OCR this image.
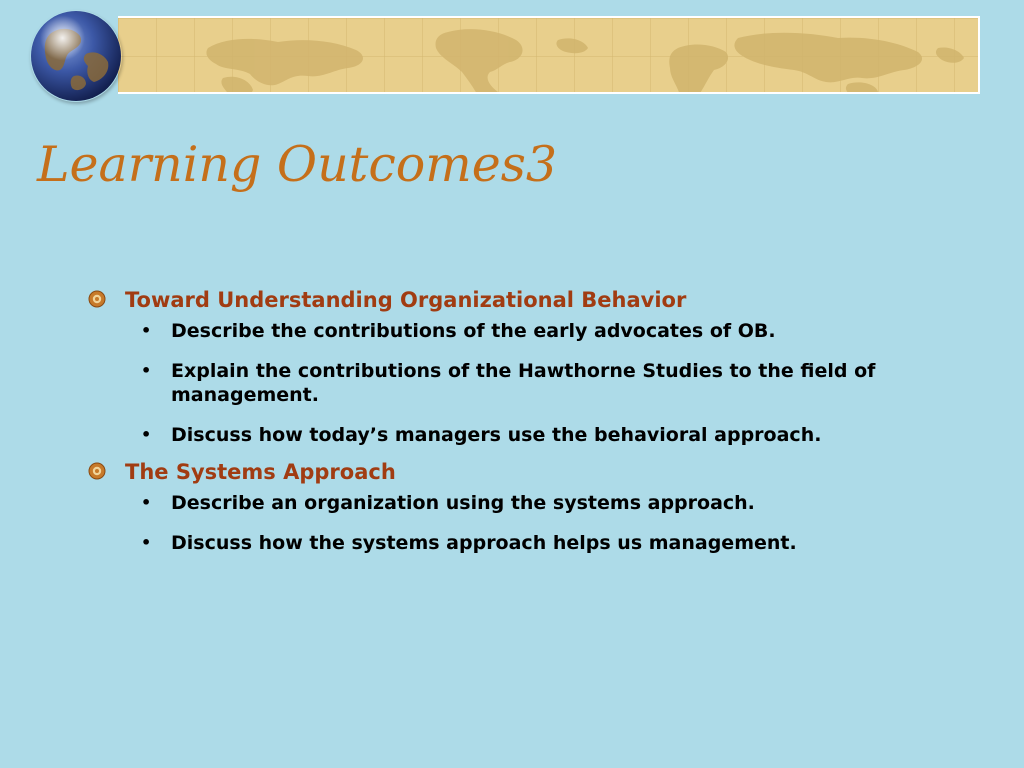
Learning Outcomes3
Toward Understanding Organizational Behavior
• Describe the contributions of the early advocates of OB.
• Explain the contributions of the Hawthorne Studies to the field of management.
• Discuss how today’s managers use the behavioral approach.
The Systems Approach
• Describe an organization using the systems approach.
• Discuss how the systems approach helps us management.
